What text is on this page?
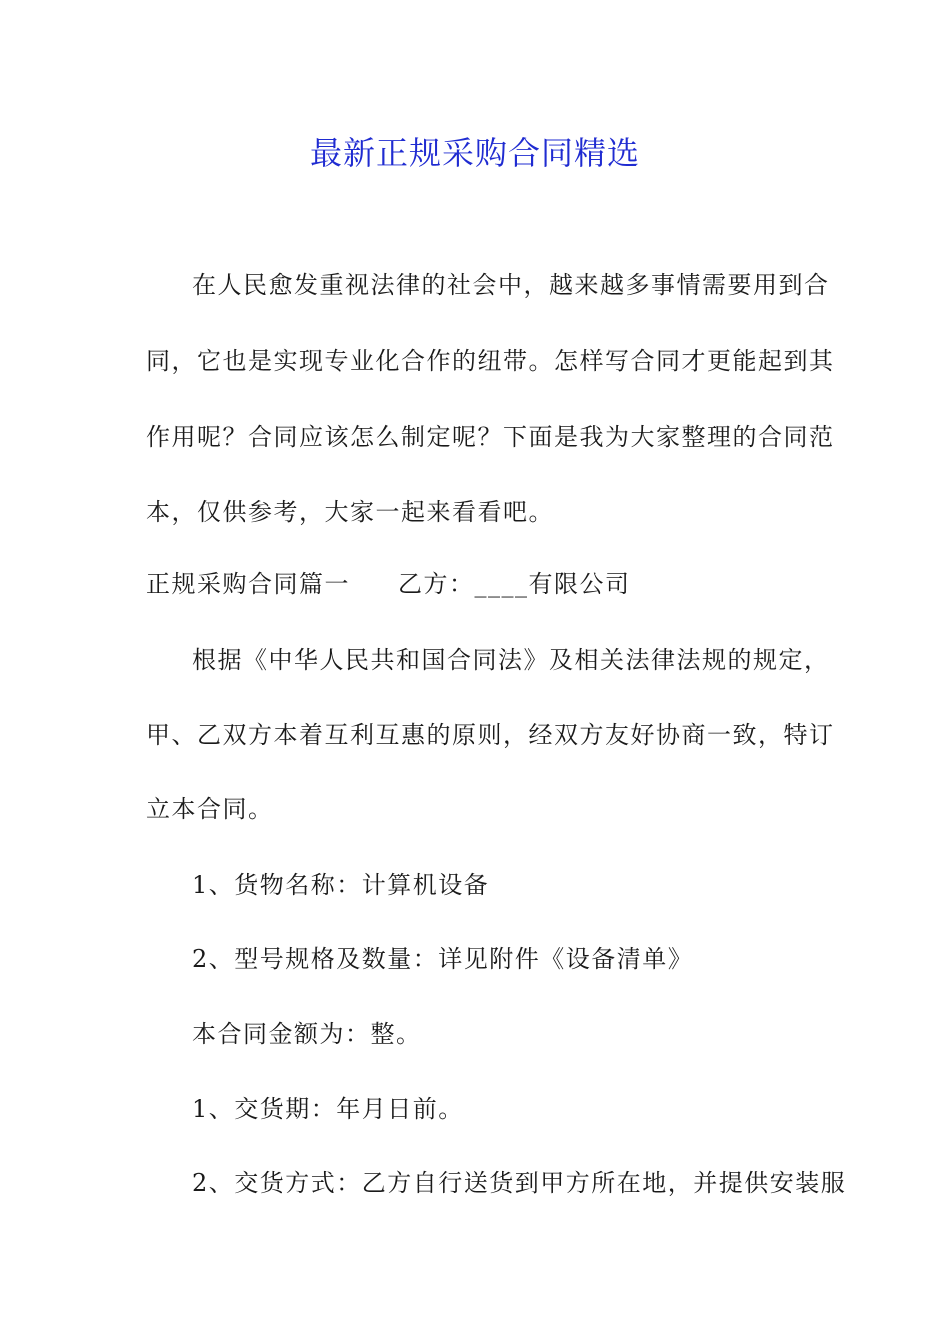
最新正规采购合同精选
在人民愈发重视法律的社会中，越来越多事情需要用到合
同，它也是实现专业化合作的纽带。怎样写合同才更能起到其
作用呢？合同应该怎么制定呢？下面是我为大家整理的合同范
本，仅供参考，大家一起来看看吧。
正规采购合同篇一 乙方：____有限公司
根据《中华人民共和国合同法》及相关法律法规的规定，
甲、乙双方本着互利互惠的原则，经双方友好协商一致，特订
立本合同。
1、货物名称：计算机设备
2、型号规格及数量：详见附件《设备清单》
本合同金额为：整。
1、交货期：年月日前。
2、交货方式：乙方自行送货到甲方所在地，并提供安装服
